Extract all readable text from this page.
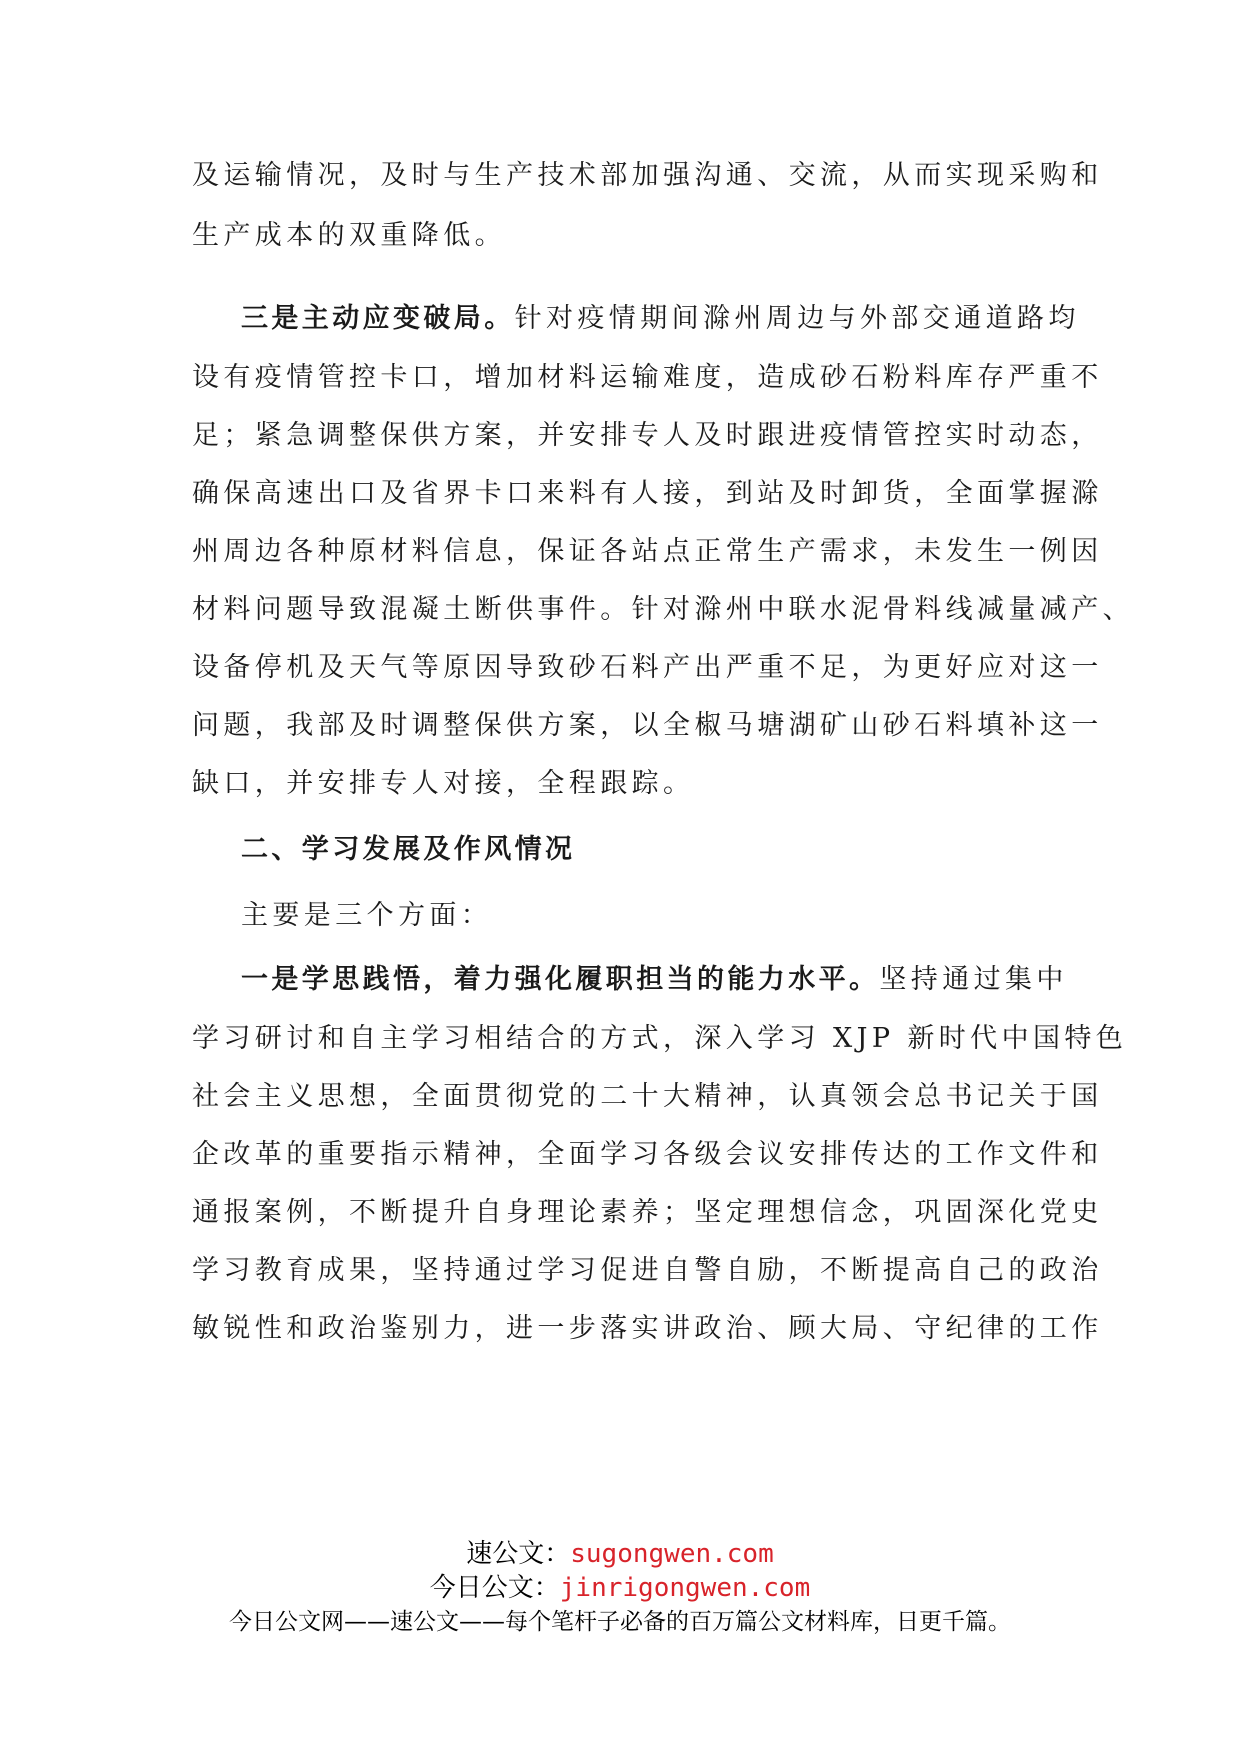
及运输情况，及时与生产技术部加强沟通、交流，从而实现采购和
生产成本的双重降低。
三是主动应变破局。针对疫情期间滁州周边与外部交通道路均
设有疫情管控卡口，增加材料运输难度，造成砂石粉料库存严重不
足；紧急调整保供方案，并安排专人及时跟进疫情管控实时动态，
确保高速出口及省界卡口来料有人接，到站及时卸货，全面掌握滁
州周边各种原材料信息，保证各站点正常生产需求，未发生一例因
材料问题导致混凝土断供事件。针对滁州中联水泥骨料线减量减产、
设备停机及天气等原因导致砂石料产出严重不足，为更好应对这一
问题，我部及时调整保供方案，以全椒马塘湖矿山砂石料填补这一
缺口，并安排专人对接，全程跟踪。
二、学习发展及作风情况
主要是三个方面：
一是学思践悟，着力强化履职担当的能力水平。坚持通过集中
学习研讨和自主学习相结合的方式，深入学习 XJP 新时代中国特色
社会主义思想，全面贯彻党的二十大精神，认真领会总书记关于国
企改革的重要指示精神，全面学习各级会议安排传达的工作文件和
通报案例，不断提升自身理论素养；坚定理想信念，巩固深化党史
学习教育成果，坚持通过学习促进自警自励，不断提高自己的政治
敏锐性和政治鉴别力，进一步落实讲政治、顾大局、守纪律的工作
速公文：sugongwen.com
今日公文：jinrigongwen.com
今日公文网——速公文——每个笔杆子必备的百万篇公文材料库，日更千篇。
